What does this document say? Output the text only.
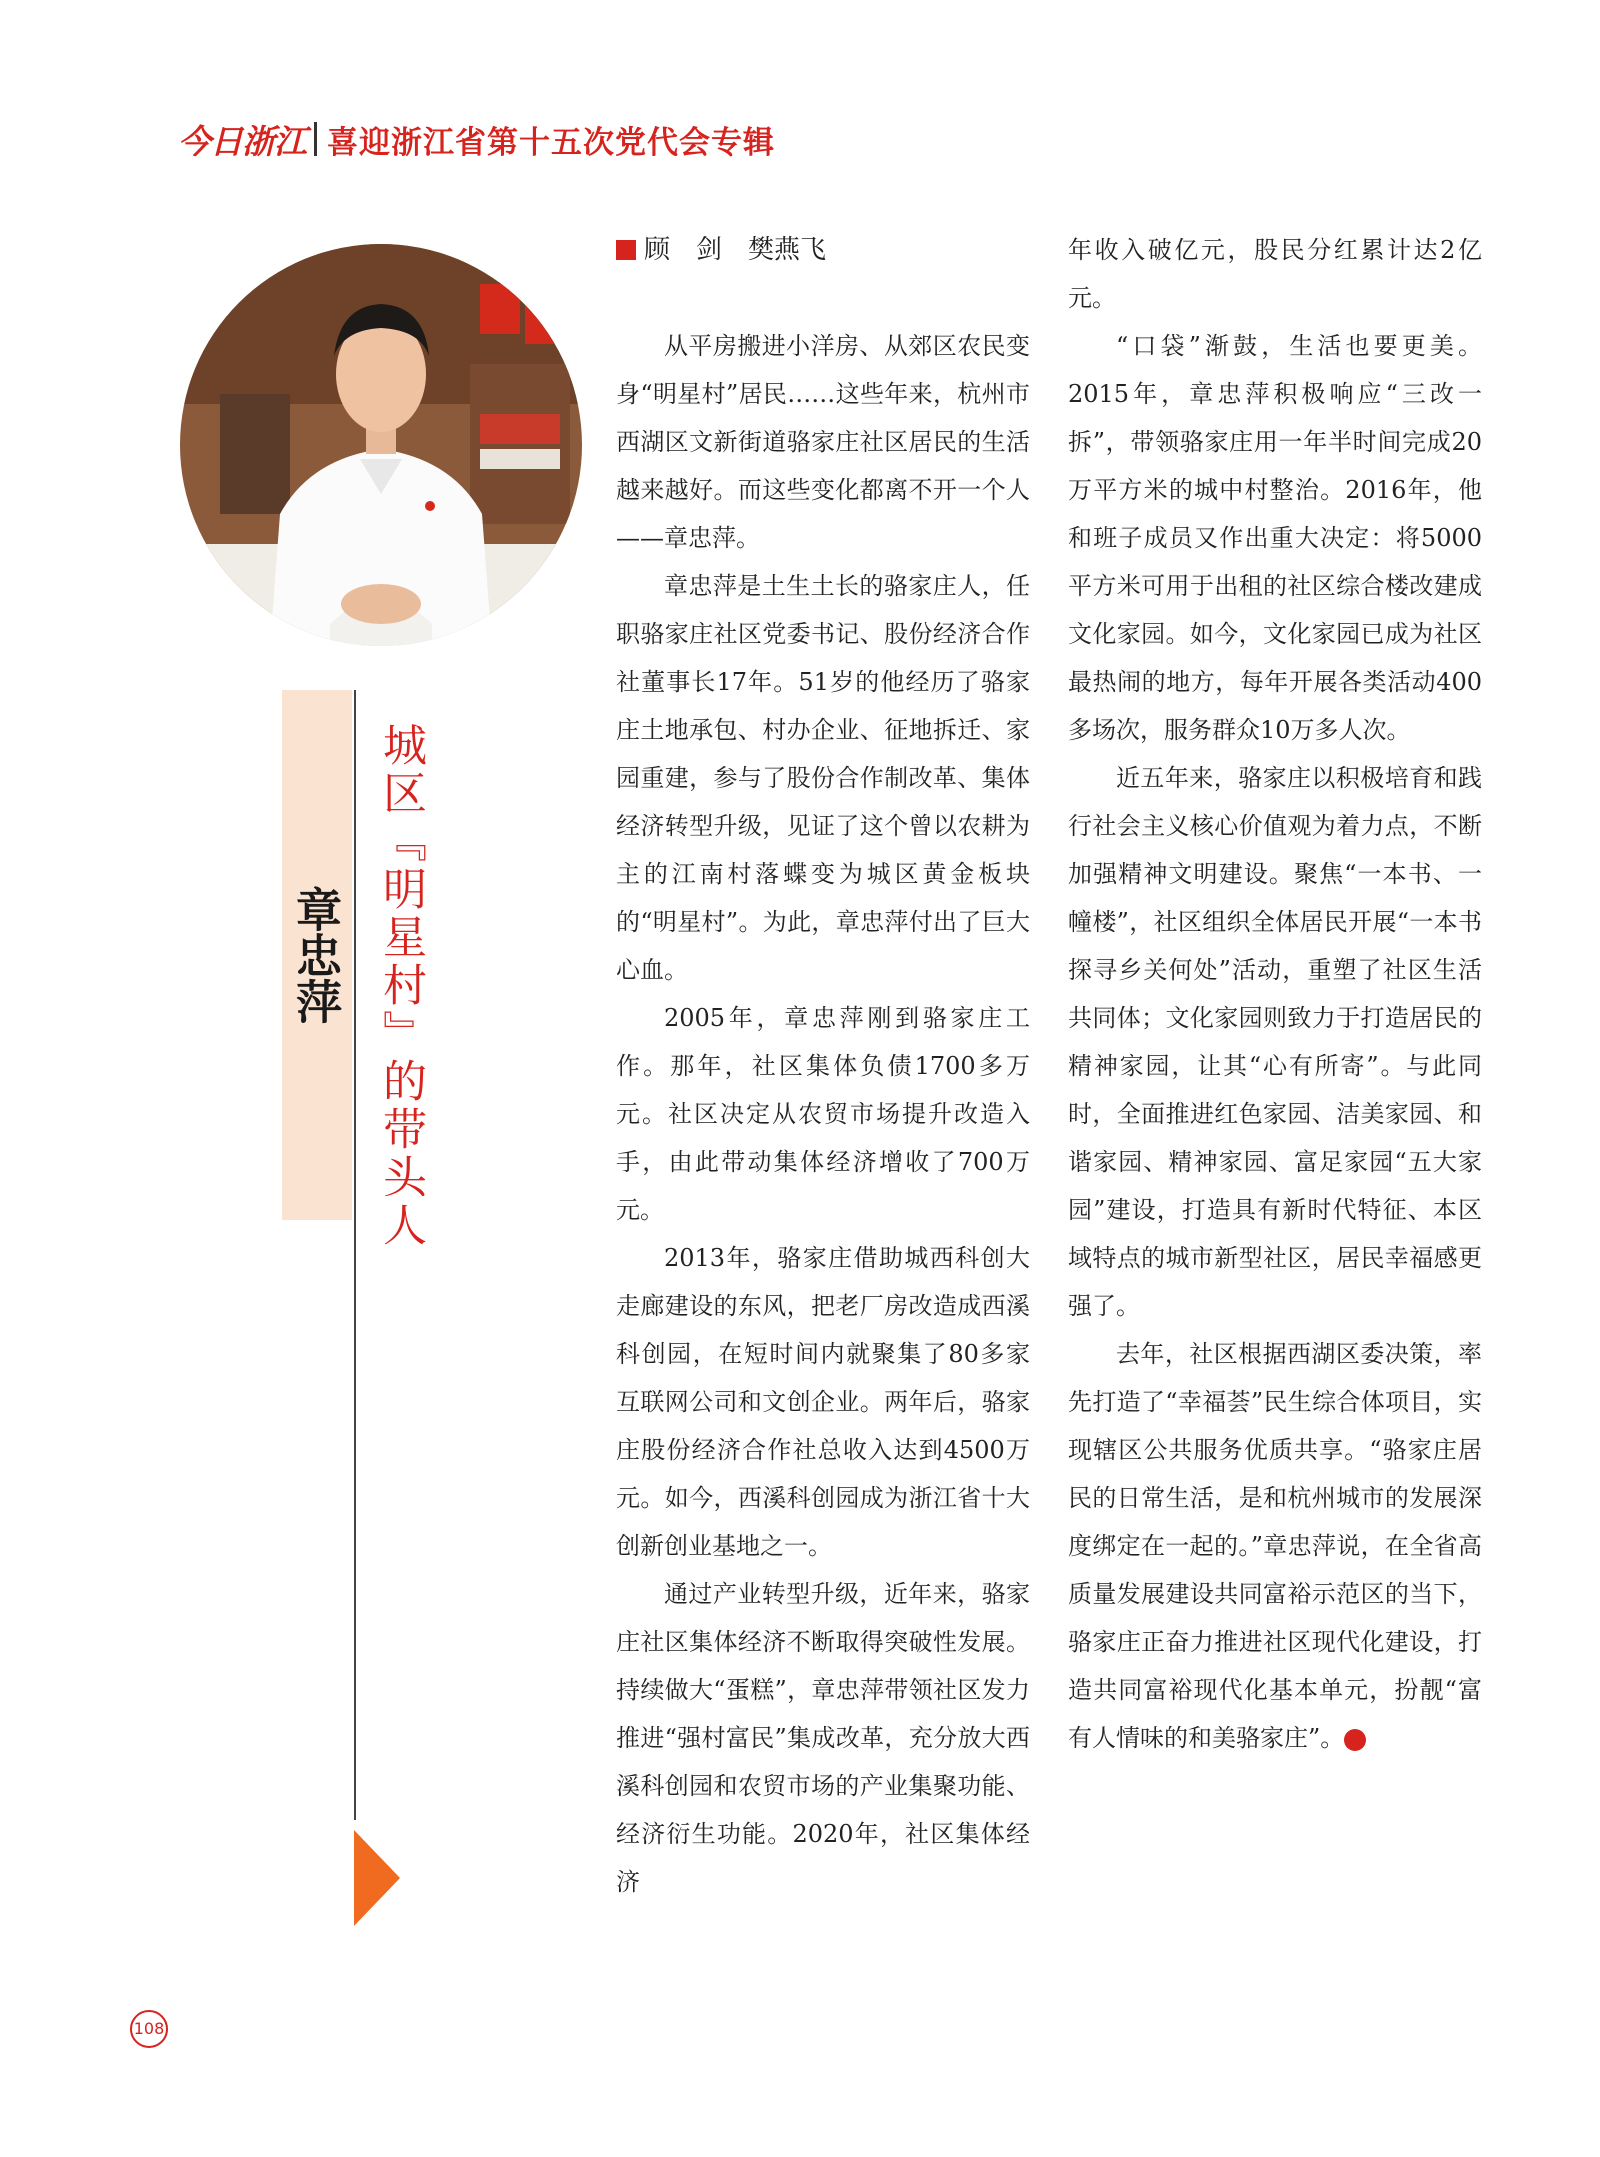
今日浙江 喜迎浙江省第十五次党代会专辑
章忠萍 城区『明星村』的带头人
顾　剑　樊燕飞

从平房搬进小洋房、从郊区农民变身“明星村”居民……这些年来，杭州市西湖区文新街道骆家庄社区居民的生活越来越好。而这些变化都离不开一个人——章忠萍。

章忠萍是土生土长的骆家庄人，任职骆家庄社区党委书记、股份经济合作社董事长17年。51岁的他经历了骆家庄土地承包、村办企业、征地拆迁、家园重建，参与了股份合作制改革、集体经济转型升级，见证了这个曾以农耕为主的江南村落蝶变为城区黄金板块的“明星村”。为此，章忠萍付出了巨大心血。

2005年，章忠萍刚到骆家庄工作。那年，社区集体负债1700多万元。社区决定从农贸市场提升改造入手，由此带动集体经济增收了700万元。

2013年，骆家庄借助城西科创大走廊建设的东风，把老厂房改造成西溪科创园，在短时间内就聚集了80多家互联网公司和文创企业。两年后，骆家庄股份经济合作社总收入达到4500万元。如今，西溪科创园成为浙江省十大创新创业基地之一。

通过产业转型升级，近年来，骆家庄社区集体经济不断取得突破性发展。持续做大“蛋糕”，章忠萍带领社区发力推进“强村富民”集成改革，充分放大西溪科创园和农贸市场的产业集聚功能、经济衍生功能。2020年，社区集体经济

年收入破亿元，股民分红累计达2亿元。

“口袋”渐鼓，生活也要更美。2015年，章忠萍积极响应“三改一拆”，带领骆家庄用一年半时间完成20万平方米的城中村整治。2016年，他和班子成员又作出重大决定：将5000平方米可用于出租的社区综合楼改建成文化家园。如今，文化家园已成为社区最热闹的地方，每年开展各类活动400多场次，服务群众10万多人次。

近五年来，骆家庄以积极培育和践行社会主义核心价值观为着力点，不断加强精神文明建设。聚焦“一本书、一幢楼”，社区组织全体居民开展“一本书探寻乡关何处”活动，重塑了社区生活共同体；文化家园则致力于打造居民的精神家园，让其“心有所寄”。与此同时，全面推进红色家园、洁美家园、和谐家园、精神家园、富足家园“五大家园”建设，打造具有新时代特征、本区域特点的城市新型社区，居民幸福感更强了。

去年，社区根据西湖区委决策，率先打造了“幸福荟”民生综合体项目，实现辖区公共服务优质共享。“骆家庄居民的日常生活，是和杭州城市的发展深度绑定在一起的。”章忠萍说，在全省高质量发展建设共同富裕示范区的当下，骆家庄正奋力推进社区现代化建设，打造共同富裕现代化基本单元，扮靓“富有人情味的和美骆家庄”。	今

108
